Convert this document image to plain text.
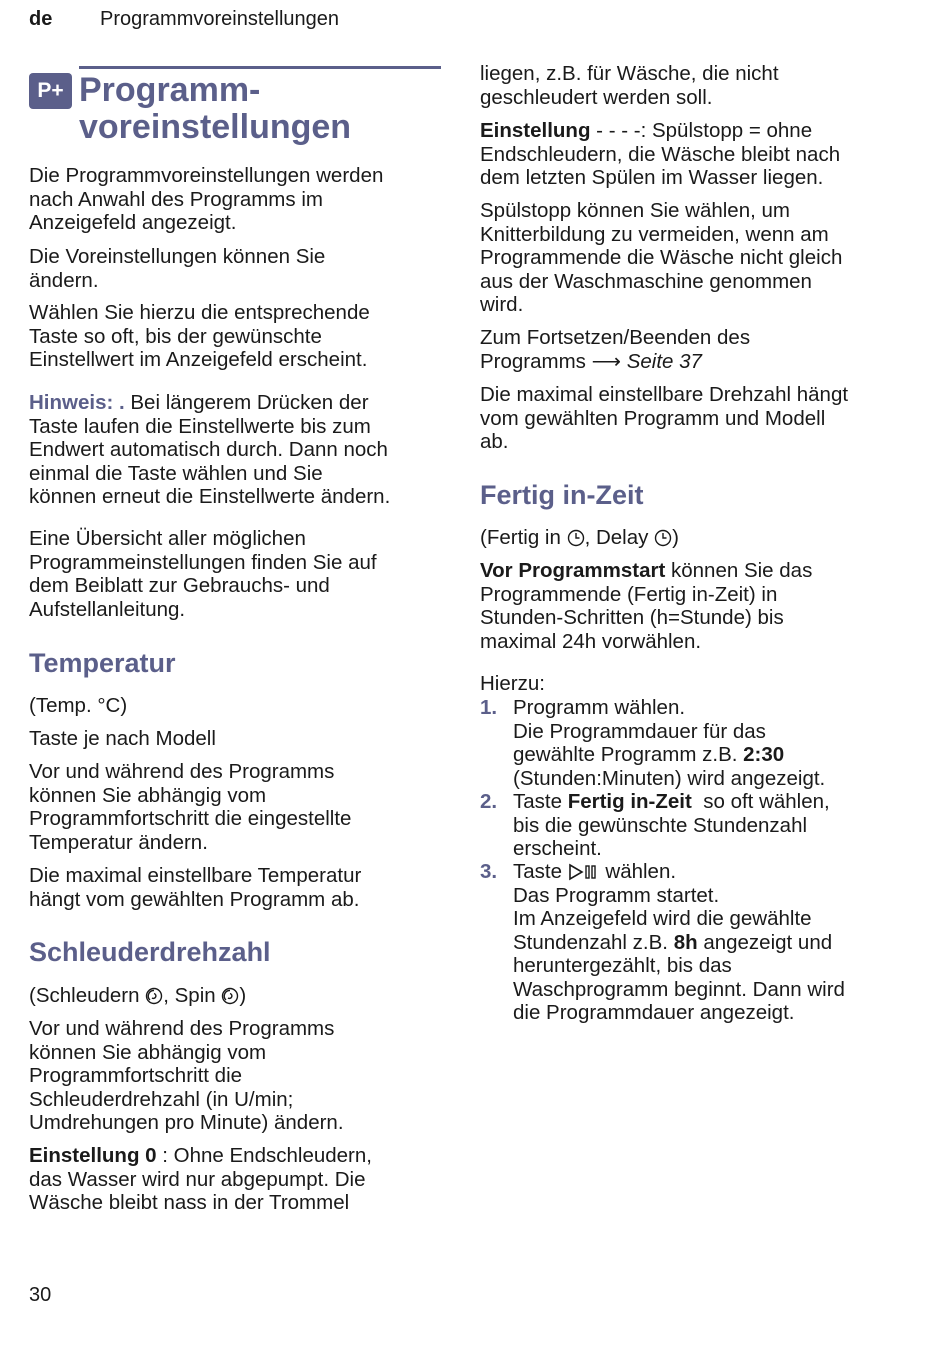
de Programmvoreinstellungen
P+ Programm-
voreinstellungen

Die Programmvoreinstellungen werden
nach Anwahl des Programms im
Anzeigefeld angezeigt.

Die Voreinstellungen können Sie
ändern.

Wählen Sie hierzu die entsprechende
Taste so oft, bis der gewünschte
Einstellwert im Anzeigefeld erscheint.

Hinweis: . Bei längerem Drücken der
Taste laufen die Einstellwerte bis zum
Endwert automatisch durch. Dann noch
einmal die Taste wählen und Sie
können erneut die Einstellwerte ändern.

Eine Übersicht aller möglichen
Programmeinstellungen finden Sie auf
dem Beiblatt zur Gebrauchs- und
Aufstellanleitung.

Temperatur

(Temp. °C)

Taste je nach Modell

Vor und während des Programms
können Sie abhängig vom
Programmfortschritt die eingestellte
Temperatur ändern.

Die maximal einstellbare Temperatur
hängt vom gewählten Programm ab.

Schleuderdrehzahl

(Schleudern , Spin )

Vor und während des Programms
können Sie abhängig vom
Programmfortschritt die
Schleuderdrehzahl (in U/min;
Umdrehungen pro Minute) ändern.

Einstellung 0 : Ohne Endschleudern,
das Wasser wird nur abgepumpt. Die
Wäsche bleibt nass in der Trommel

liegen, z.B. für Wäsche, die nicht
geschleudert werden soll.

Einstellung - - - -: Spülstopp = ohne
Endschleudern, die Wäsche bleibt nach
dem letzten Spülen im Wasser liegen.

Spülstopp können Sie wählen, um
Knitterbildung zu vermeiden, wenn am
Programmende die Wäsche nicht gleich
aus der Waschmaschine genommen
wird.

Zum Fortsetzen/Beenden des
Programms ⟶ Seite 37

Die maximal einstellbare Drehzahl hängt
vom gewählten Programm und Modell
ab.

Fertig in-Zeit

(Fertig in , Delay )

Vor Programmstart können Sie das
Programmende (Fertig in-Zeit) in
Stunden-Schritten (h=Stunde) bis
maximal 24h vorwählen.

Hierzu:

1. Programm wählen.
Die Programmdauer für das
gewählte Programm z.B. 2:30
(Stunden:Minuten) wird angezeigt.

2. Taste Fertig in-Zeit  so oft wählen,
bis die gewünschte Stundenzahl
erscheint.

3. Taste  wählen.
Das Programm startet.
Im Anzeigefeld wird die gewählte
Stundenzahl z.B. 8h angezeigt und
heruntergezählt, bis das
Waschprogramm beginnt. Dann wird
die Programmdauer angezeigt.

30
